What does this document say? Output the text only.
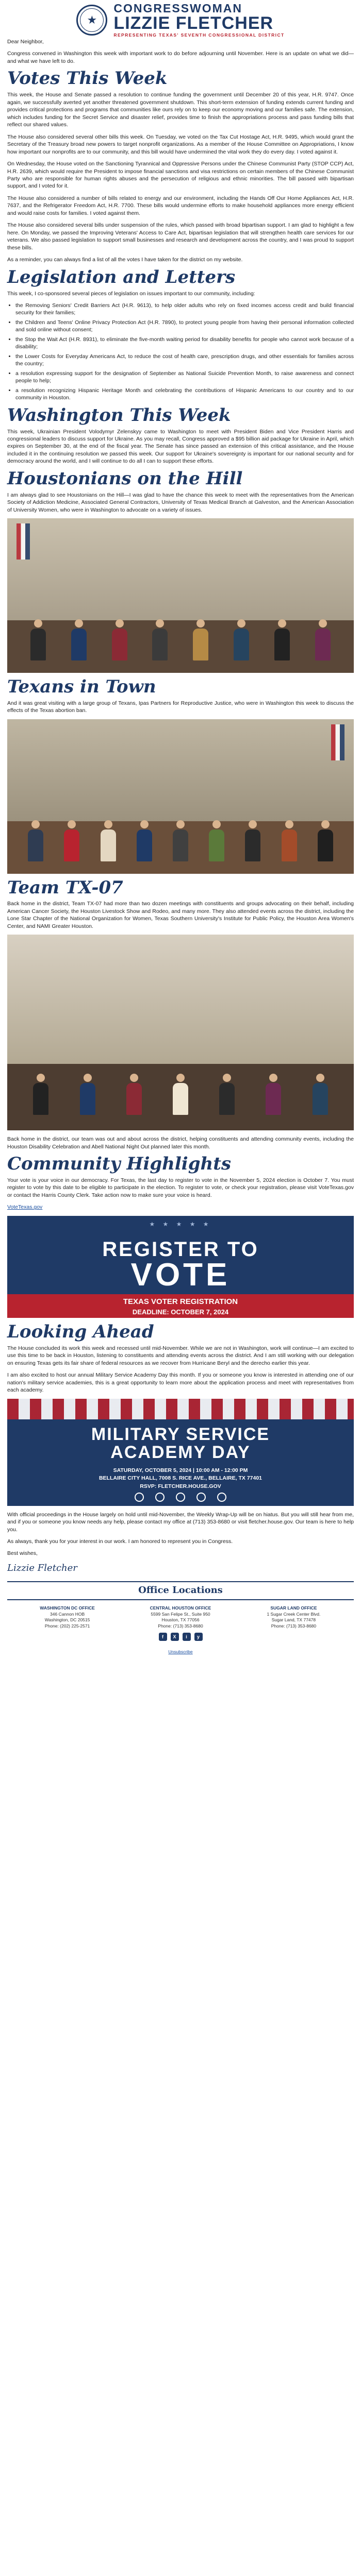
★
CONGRESSWOMAN
LIZZIE FLETCHER
REPRESENTING TEXAS' SEVENTH CONGRESSIONAL DISTRICT

Dear Neighbor,

Congress convened in Washington this week with important work to do before adjourning until November. Here is an update on what we did—and what we have left to do.

Votes This Week

This week, the House and Senate passed a resolution to continue funding the government until December 20 of this year, H.R. 9747. Once again, we successfully averted yet another threatened government shutdown. This short-term extension of funding extends current funding and provides critical protections and programs that communities like ours rely on to keep our economy moving and our families safe. The extension, which includes funding for the Secret Service and disaster relief, provides time to finish the appropriations process and pass funding bills that reflect our shared values.

The House also considered several other bills this week. On Tuesday, we voted on the Tax Cut Hostage Act, H.R. 9495, which would grant the Secretary of the Treasury broad new powers to target nonprofit organizations. As a member of the House Committee on Appropriations, I know how important our nonprofits are to our community, and this bill would have undermined the vital work they do every day. I voted against it.

On Wednesday, the House voted on the Sanctioning Tyrannical and Oppressive Persons under the Chinese Communist Party (STOP CCP) Act, H.R. 2639, which would require the President to impose financial sanctions and visa restrictions on certain members of the Chinese Communist Party who are responsible for human rights abuses and the persecution of religious and ethnic minorities. The bill passed with bipartisan support, and I voted for it.

The House also considered a number of bills related to energy and our environment, including the Hands Off Our Home Appliances Act, H.R. 7637, and the Refrigerator Freedom Act, H.R. 7700. These bills would undermine efforts to make household appliances more energy efficient and would raise costs for families. I voted against them.

The House also considered several bills under suspension of the rules, which passed with broad bipartisan support. I am glad to highlight a few here. On Monday, we passed the Improving Veterans' Access to Care Act, bipartisan legislation that will strengthen health care services for our veterans. We also passed legislation to support small businesses and research and development across the country, and I was proud to support these bills.

As a reminder, you can always find a list of all the votes I have taken for the district on my website.

Legislation and Letters

This week, I co-sponsored several pieces of legislation on issues important to our community, including:

• the Removing Seniors' Credit Barriers Act (H.R. 9613), to help older adults who rely on fixed incomes access credit and build financial security for their families;
• the Children and Teens' Online Privacy Protection Act (H.R. 7890), to protect young people from having their personal information collected and sold online without consent;
• the Stop the Wait Act (H.R. 8931), to eliminate the five-month waiting period for disability benefits for people who cannot work because of a disability;
• the Lower Costs for Everyday Americans Act, to reduce the cost of health care, prescription drugs, and other essentials for families across the country;
• a resolution expressing support for the designation of September as National Suicide Prevention Month, to raise awareness and connect people to help;
• a resolution recognizing Hispanic Heritage Month and celebrating the contributions of Hispanic Americans to our country and to our community in Houston.
Washington This Week

This week, Ukrainian President Volodymyr Zelenskyy came to Washington to meet with President Biden and Vice President Harris and congressional leaders to discuss support for Ukraine. As you may recall, Congress approved a $95 billion aid package for Ukraine in April, which expires on September 30, at the end of the fiscal year. The Senate has since passed an extension of this critical assistance, and the House included it in the continuing resolution we passed this week. Our support for Ukraine's sovereignty is important for our national security and for democracy around the world, and I will continue to do all I can to support these efforts.

Houstonians on the Hill

I am always glad to see Houstonians on the Hill—I was glad to have the chance this week to meet with the representatives from the American Society of Addiction Medicine, Associated General Contractors, University of Texas Medical Branch at Galveston, and the American Association of University Women, who were in Washington to advocate on a variety of issues.

Texans in Town

And it was great visiting with a large group of Texans, Ipas Partners for Reproductive Justice, who were in Washington this week to discuss the effects of the Texas abortion ban.

Team TX-07

Back home in the district, Team TX-07 had more than two dozen meetings with constituents and groups advocating on their behalf, including American Cancer Society, the Houston Livestock Show and Rodeo, and many more. They also attended events across the district, including the Lone Star Chapter of the National Organization for Women, Texas Southern University's Institute for Public Policy, the Houston Area Women's Center, and NAMI Greater Houston.

Back home in the district, our team was out and about across the district, helping constituents and attending community events, including the Houston Disability Celebration and Abell National Night Out planned later this month.

Community Highlights

Your vote is your voice in our democracy. For Texas, the last day to register to vote in the November 5, 2024 election is October 7. You must register to vote by this date to be eligible to participate in the election. To register to vote, or check your registration, please visit VoteTexas.gov or contact the Harris County Clerk. Take action now to make sure your voice is heard.

VoteTexas.gov

★ ★ ★ ★ ★
REGISTER TO
VOTE
TEXAS VOTER REGISTRATION
DEADLINE: OCTOBER 7, 2024
Looking Ahead

The House concluded its work this week and recessed until mid-November. While we are not in Washington, work will continue—I am excited to use this time to be back in Houston, listening to constituents and attending events across the district. And I am still working with our delegation on ensuring Texas gets its fair share of federal resources as we recover from Hurricane Beryl and the derecho earlier this year.

I am also excited to host our annual Military Service Academy Day this month. If you or someone you know is interested in attending one of our nation's military service academies, this is a great opportunity to learn more about the application process and meet with representatives from each academy.

MILITARY SERVICE
ACADEMY DAY
SATURDAY, OCTOBER 5, 2024 | 10:00 AM - 12:00 PM
BELLAIRE CITY HALL, 7008 S. RICE AVE., BELLAIRE, TX 77401
RSVP: FLETCHER.HOUSE.GOV

With official proceedings in the House largely on hold until mid-November, the Weekly Wrap-Up will be on hiatus. But you will still hear from me, and if you or someone you know needs any help, please contact my office at (713) 353-8680 or visit fletcher.house.gov. Our team is here to help you.

As always, thank you for your interest in our work. I am honored to represent you in Congress.

Best wishes,

Lizzie Fletcher
Office Locations
WASHINGTON DC OFFICE
346 Cannon HOB
Washington, DC 20515
Phone: (202) 225-2571
CENTRAL HOUSTON OFFICE
5599 San Felipe St., Suite 950
Houston, TX 77056
Phone: (713) 353-8680
f	X	i	y
SUGAR LAND OFFICE
1 Sugar Creek Center Blvd.
Sugar Land, TX 77478
Phone: (713) 353-8680
Unsubscribe
